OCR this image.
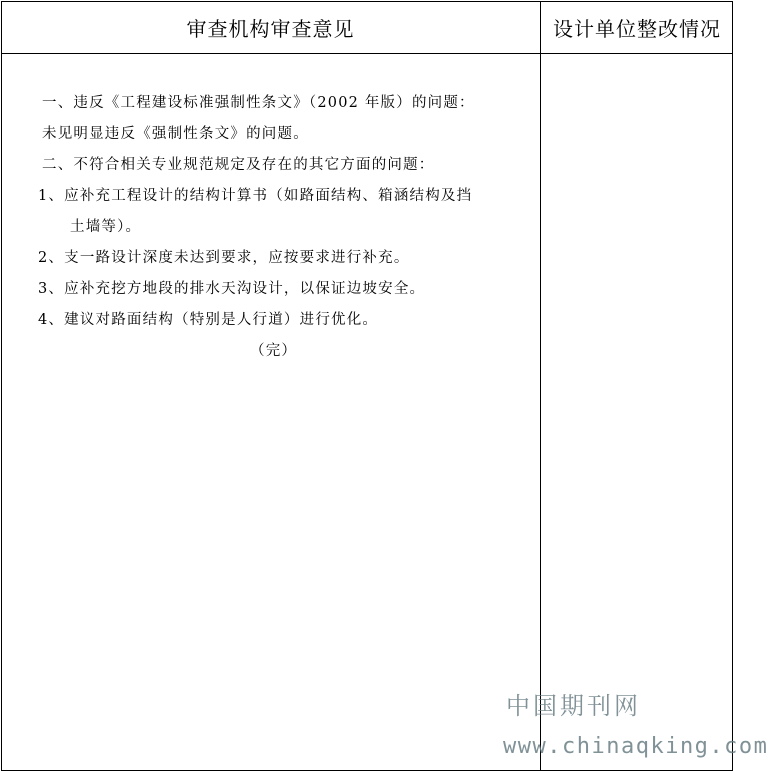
审查机构审查意见	设计单位整改情况
一、违反《工程建设标准强制性条文》（2002 年版）的问题：
未见明显违反《强制性条文》的问题。
二、不符合相关专业规范规定及存在的其它方面的问题：
1、应补充工程设计的结构计算书（如路面结构、箱涵结构及挡
土墙等）。
2、支一路设计深度未达到要求，应按要求进行补充。
3、应补充挖方地段的排水天沟设计，以保证边坡安全。
4、建议对路面结构（特别是人行道）进行优化。
（完）
中国期刊网
www.chinaqking.com
